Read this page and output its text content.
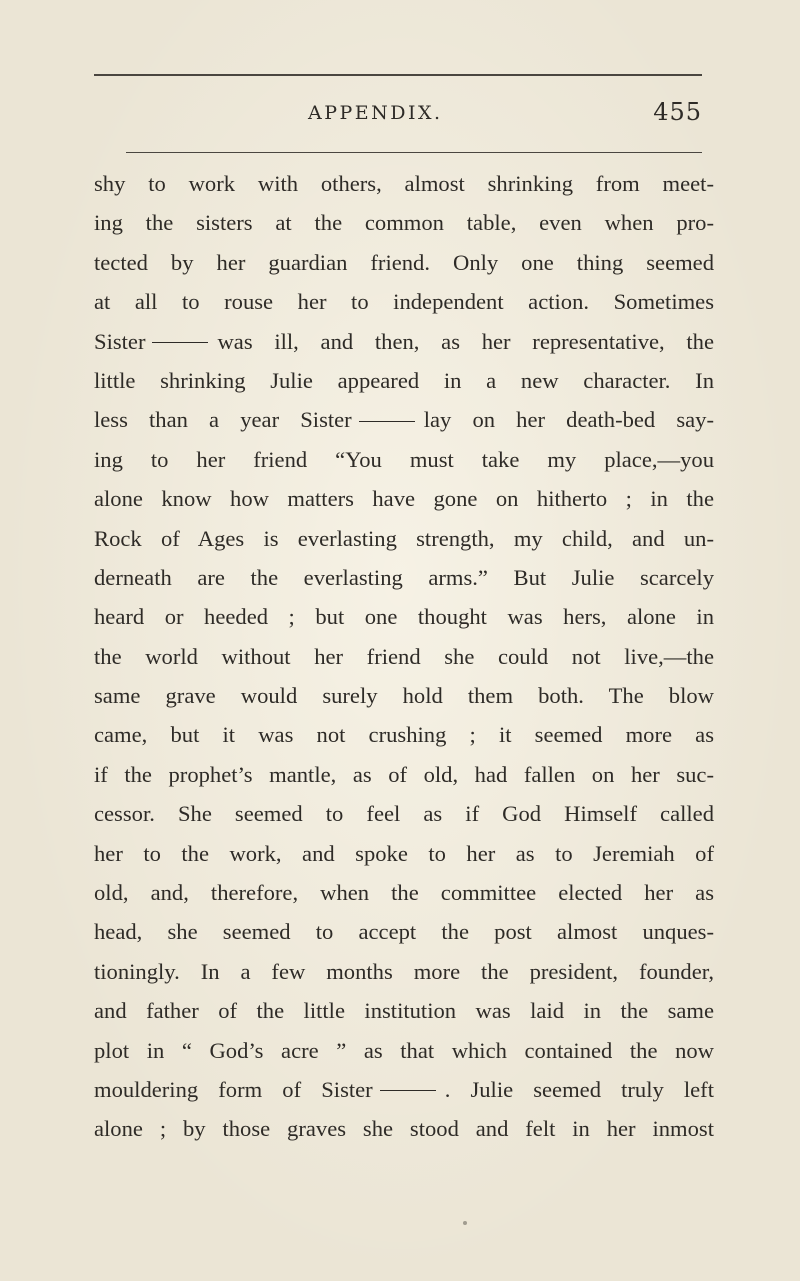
APPENDIX.	455
shy to work with others, almost shrinking from meet-
ing the sisters at the common table, even when pro-
tected by her guardian friend. Only one thing seemed
at all to rouse her to independent action. Sometimes
Sister	was ill, and then, as her representative, the
little shrinking Julie appeared in a new character. In
less than a year Sister	lay on her death-bed say-
ing to her friend “You must take my place,—you
alone know how matters have gone on hitherto ; in the
Rock of Ages is everlasting strength, my child, and un-
derneath are the everlasting arms.” But Julie scarcely
heard or heeded ; but one thought was hers, alone in
the world without her friend she could not live,—the
same grave would surely hold them both. The blow
came, but it was not crushing ; it seemed more as
if the prophet’s mantle, as of old, had fallen on her suc-
cessor. She seemed to feel as if God Himself called
her to the work, and spoke to her as to Jeremiah of
old, and, therefore, when the committee elected her as
head, she seemed to accept the post almost unques-
tioningly. In a few months more the president, founder,
and father of the little institution was laid in the same
plot in “ God’s acre ” as that which contained the now
mouldering form of Sister	. Julie seemed truly left
alone ; by those graves she stood and felt in her inmost
